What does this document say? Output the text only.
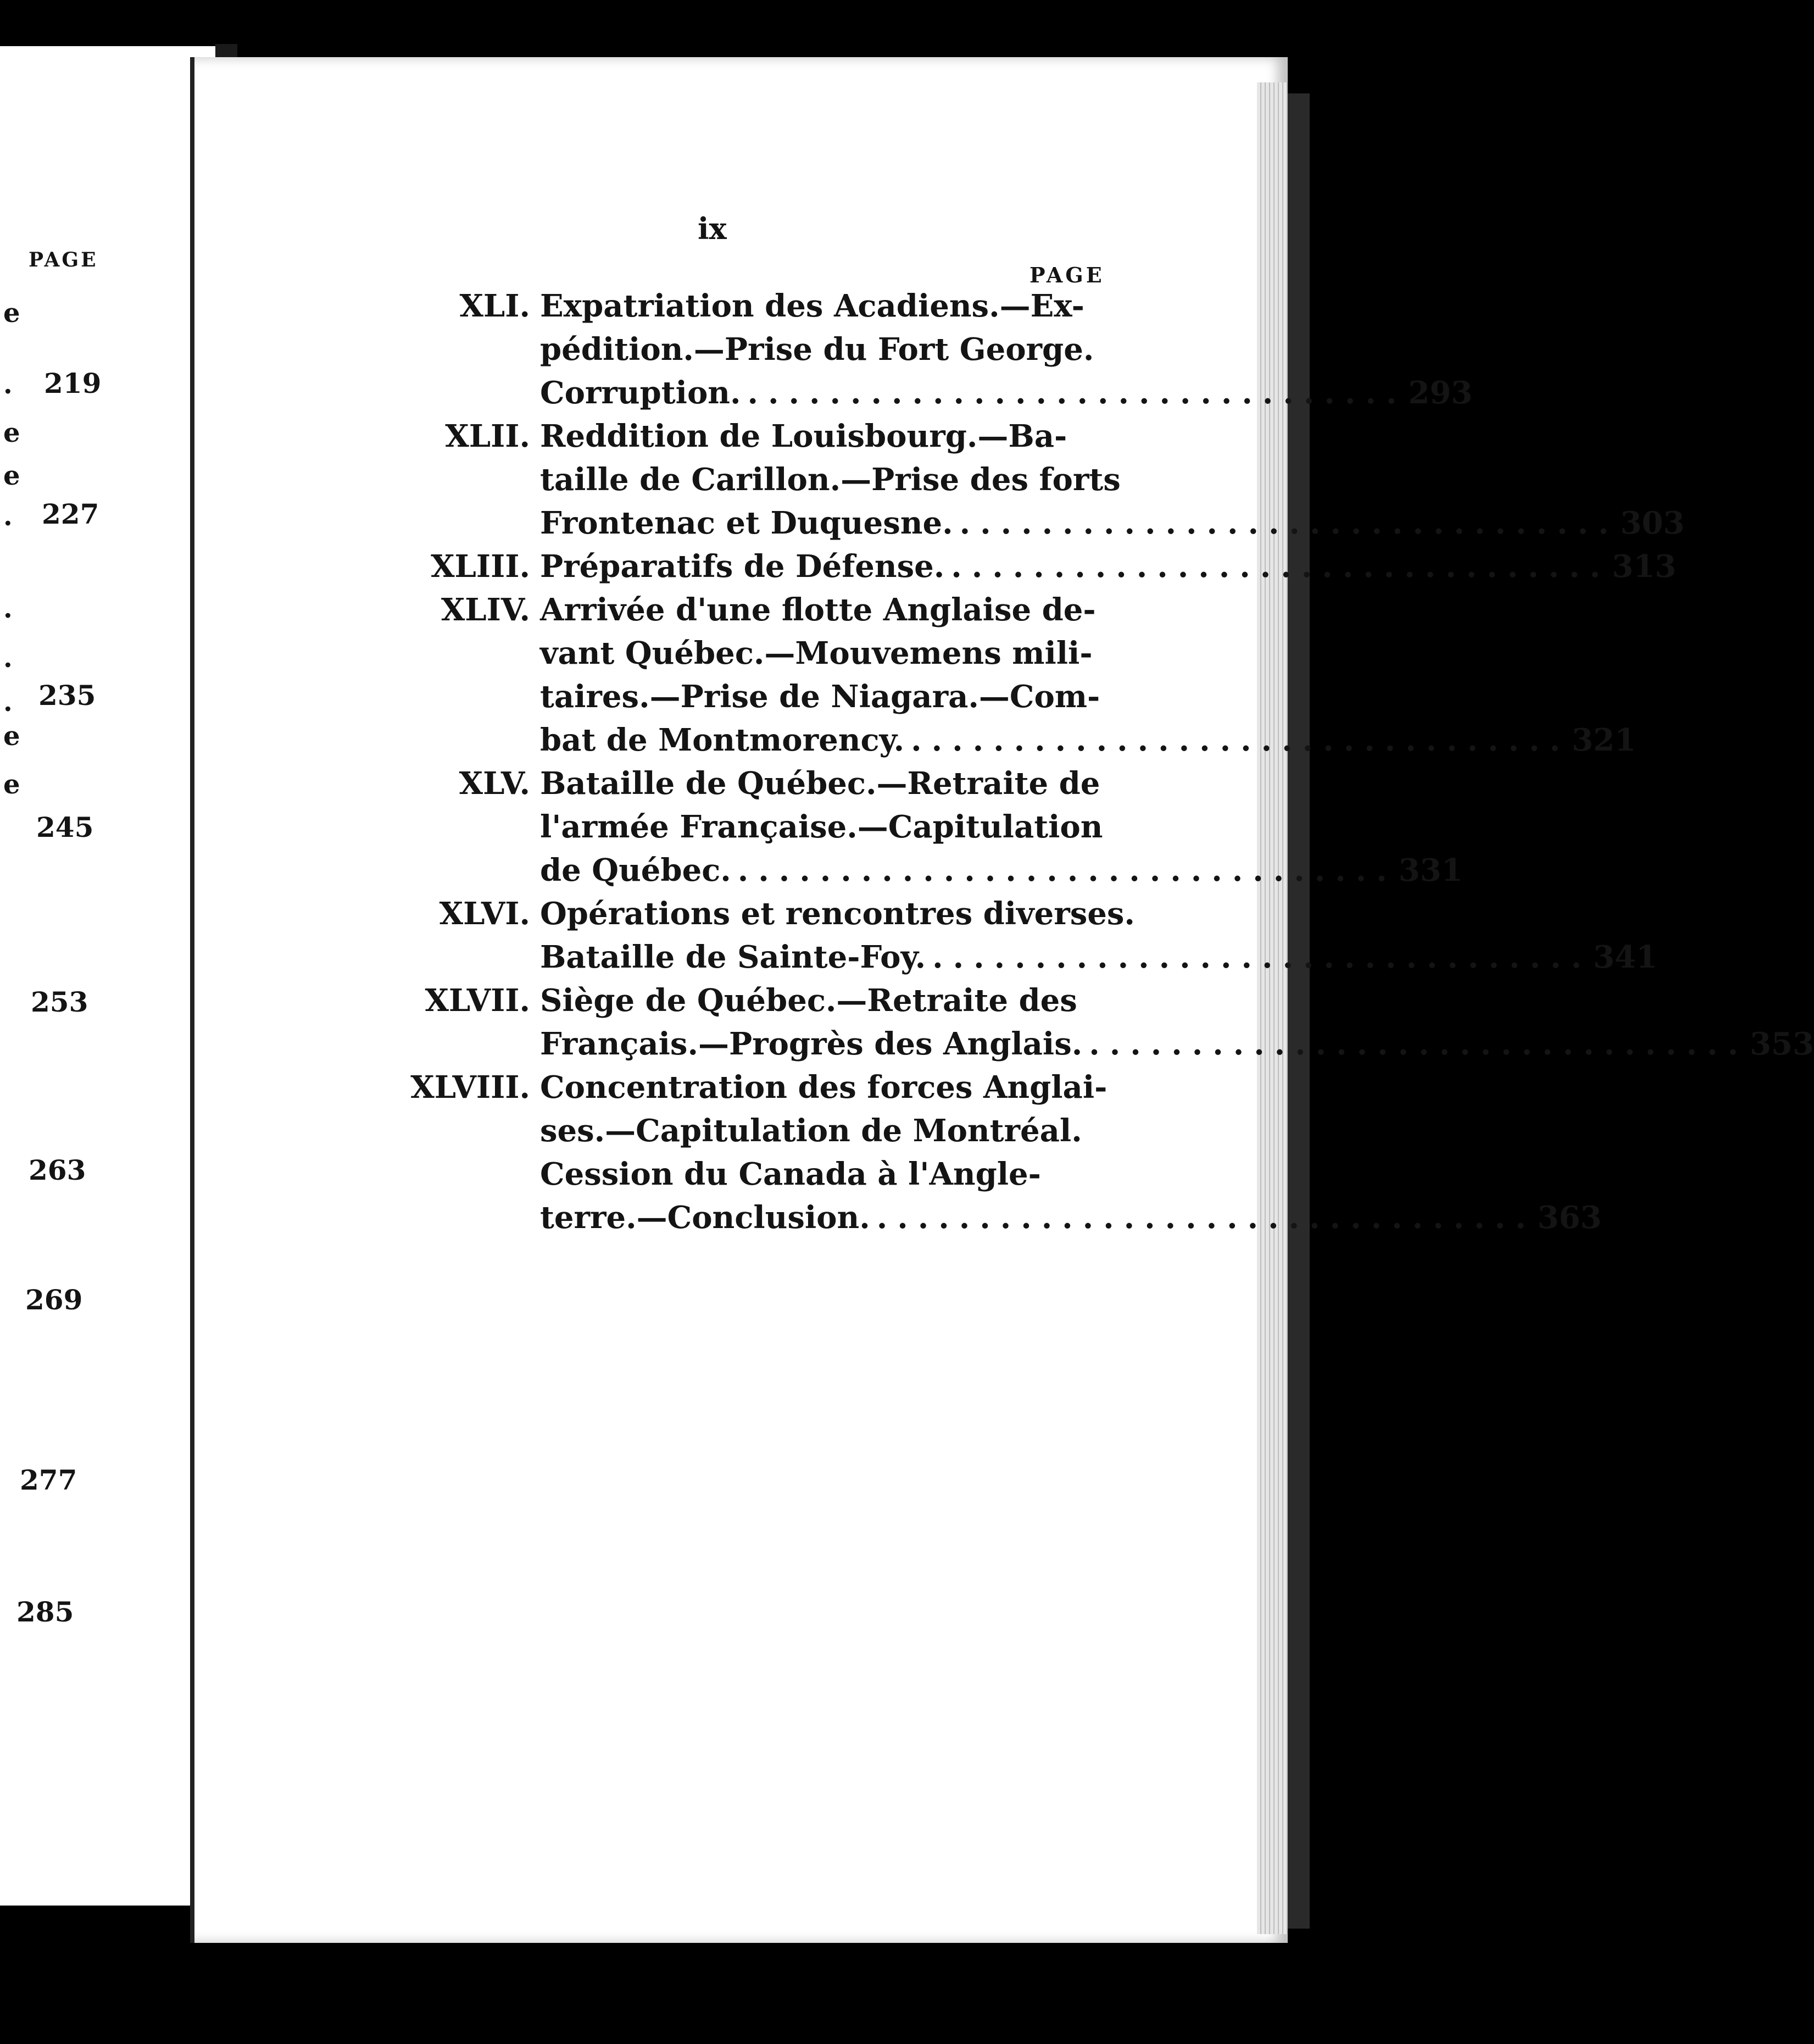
PAGE
e
.
e
e
.
.
.
.
e
e
219
227
235
245
253
263
269
277
285
ix
PAGE
XLI. Expatriation des Acadiens.—Ex-
pédition.—Prise du Fort George.
Corruption. ................................ 293
XLII. Reddition de Louisbourg.—Ba-
taille de Carillon.—Prise des forts
Frontenac et Duquesne. ................................ 303
XLIII. Préparatifs de Défense. ................................ 313
XLIV. Arrivée d'une flotte Anglaise de-
vant Québec.—Mouvemens mili-
taires.—Prise de Niagara.—Com-
bat de Montmorency. ................................ 321
XLV. Bataille de Québec.—Retraite de
l'armée Française.—Capitulation
de Québec. ................................ 331
XLVI. Opérations et rencontres diverses.
Bataille de Sainte-Foy. ................................ 341
XLVII. Siège de Québec.—Retraite des
Français.—Progrès des Anglais. ................................ 353
XLVIII. Concentration des forces Anglai-
ses.—Capitulation de Montréal.
Cession du Canada à l'Angle-
terre.—Conclusion. ................................ 363
